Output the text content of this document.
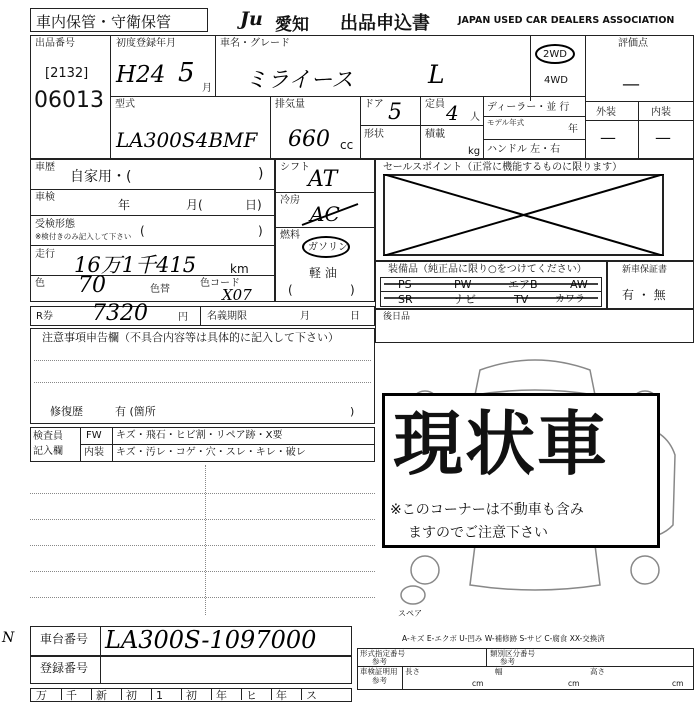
車内保管・守衛保管	Ju 愛知 出品申込書	JAPAN USED CAR DEALERS ASSOCIATION
出品番号
[2132]
06013
初度登録年月
H24 5
月
車名・グレード
ミライース	L
2WD
4WD
評価点
—
外装	内装
— —
型式
LA300S4BMF
排気量
660 cc
ドア 5 定員 4 人
形状	積載
kg
ディーラー・並 行
モデル年式
年
ハンドル 左・右
車歴
自家用・(	)
車検
年	月(	日)
受検形態
※検付きのみ記入して下さい (	)
走行 16万1千415	km
色 70	色替
色コード
X07
シフト
AT
冷房
AC
燃料
ガソリン
軽 油
(	)
セールスポイント（正常に機能するものに限ります）
装備品（純正品に限り○をつけてください）
PS	PW	エアB	AW
SR	ナビ	TV	カワラ
新車保証書
有 ・ 無
後日品
R券 7320	円 名義期限	月	日
注意事項申告欄（不具合内容等は具体的に記入して下さい）
修復歴	有 (箇所	)
検査員
記入欄
FW キズ・飛石・ヒビ割・リペア跡・X要
内装 キズ・汚レ・コゲ・穴・スレ・キレ・破レ
スペア
現状車
※このコーナーは不動車も含み
ますのでご注意下さい
A-キズ E-エクボ U-凹み W-補修跡 S-サビ C-腐食 XX-交換済
車台番号 LA300S-1097000
N
登録番号
形式指定番号
参考
類別区分番号
参考
車検証明用
参考
長さ
cm
幅
cm
高さ
cm
万 千 新 初 1 初 年 ヒ 年 ス
